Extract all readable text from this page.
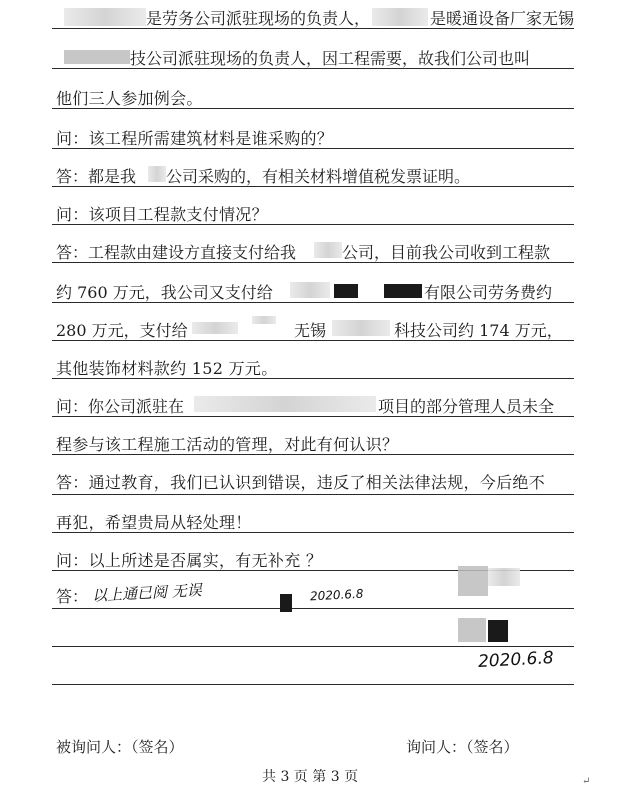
是劳务公司派驻现场的负责人，	是暖通设备厂家无锡
技公司派驻现场的负责人，因工程需要，故我们公司也叫
他们三人参加例会。
问：该工程所需建筑材料是谁采购的？
答：都是我 公司采购的，有相关材料增值税发票证明。
问：该项目工程款支付情况？
答：工程款由建设方直接支付给我	公司，目前我公司收到工程款
约 760 万元，我公司又支付给	有限公司劳务费约
280 万元，支付给	无锡	科技公司约 174 万元，
其他装饰材料款约 152 万元。
问：你公司派驻在	项目的部分管理人员未全
程参与该工程施工活动的管理，对此有何认识？
答：通过教育，我们已认识到错误，违反了相关法律法规，今后绝不
再犯，希望贵局从轻处理！
问：以上所述是否属实，有无补充 ？
答： 以上通已阅 无误	2020.6.8
2020.6.8
被询问人：（签名）	询问人：（签名）
共 3 页 第 3 页	↵
